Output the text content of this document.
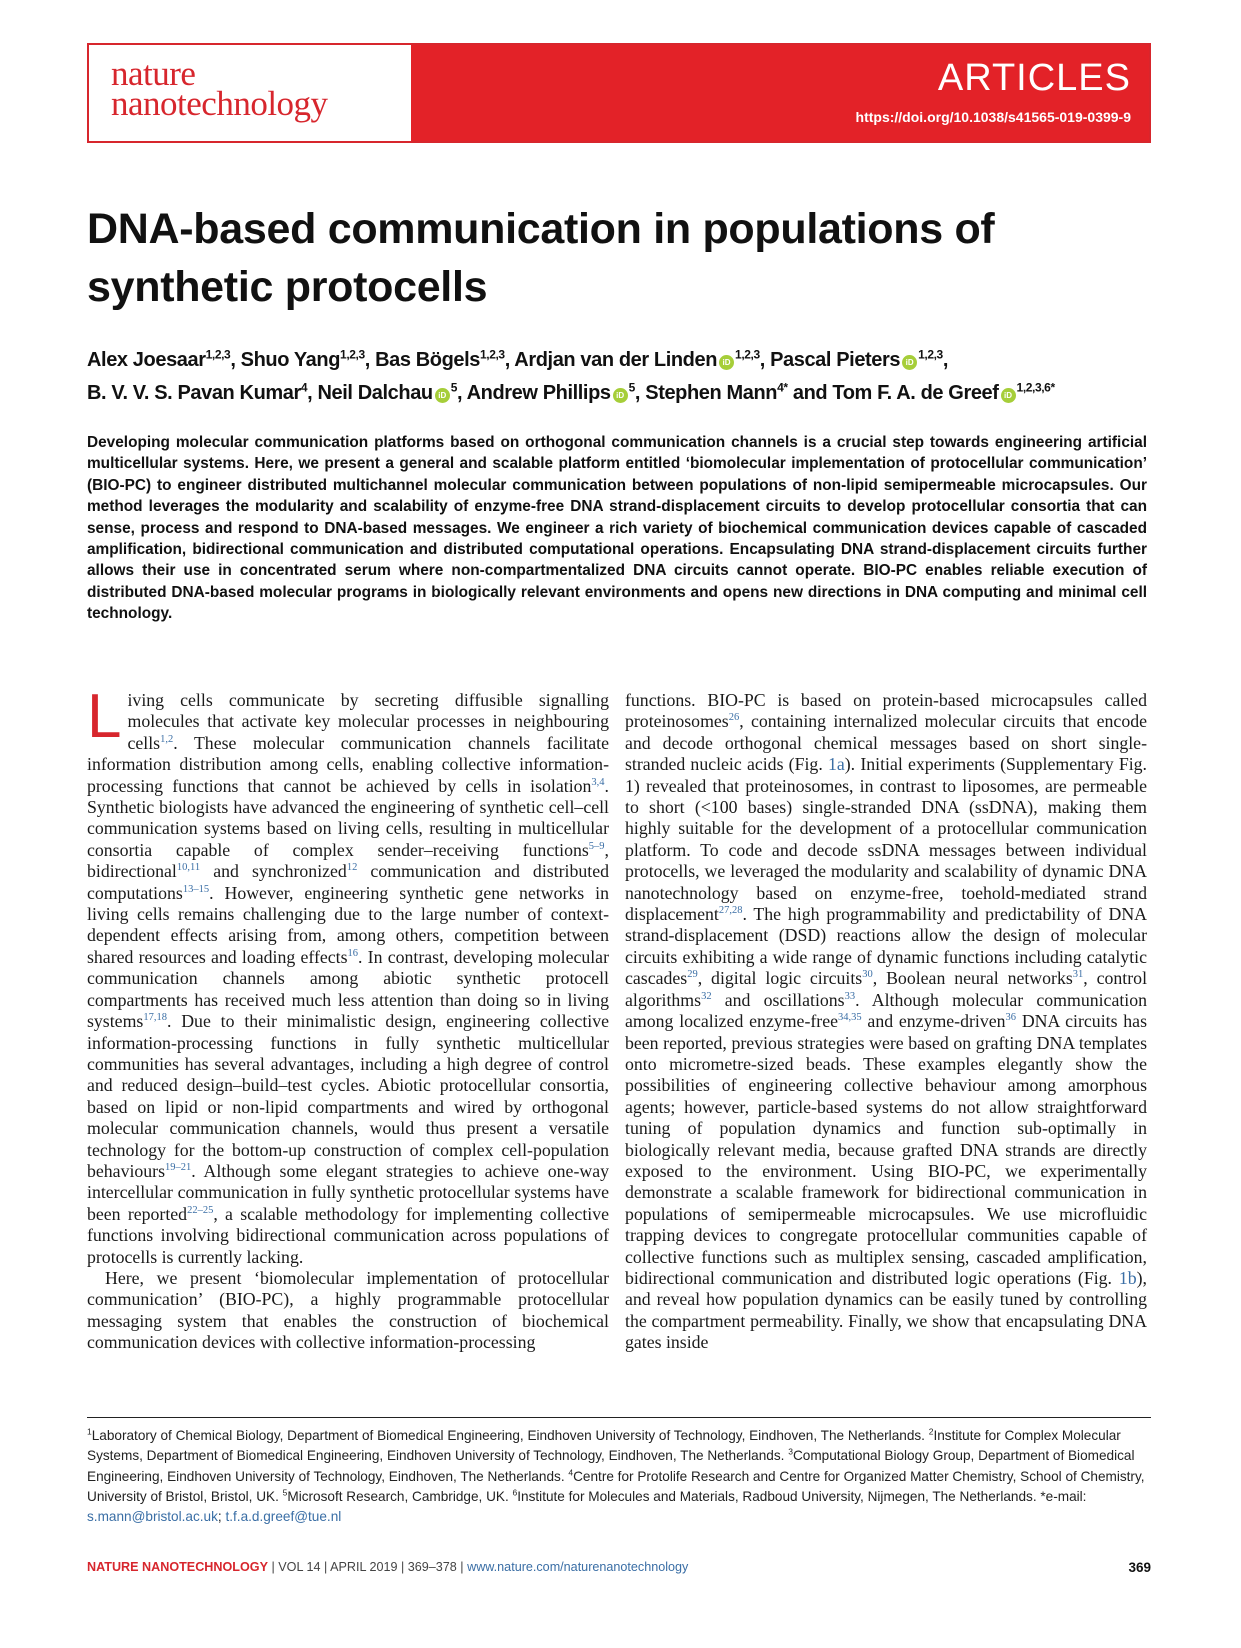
nature
nanotechnology
ARTICLES
https://doi.org/10.1038/s41565-019-0399-9
DNA-based communication in populations of synthetic protocells
Alex Joesaar$^{1,2,3}$, Shuo Yang$^{1,2,3}$, Bas Bögels$^{1,2,3}$, Ardjan van der Linden iD$^{1,2,3}$, Pascal Pieters iD$^{1,2,3}$,
B. V. V. S. Pavan Kumar$^4$, Neil Dalchau $iD^5$, Andrew Phillips $iD^5$, Stephen Mann$^{4*}$ and Tom F. A. de Greef $iD^{1,2,3,6*}$
Developing molecular communication platforms based on orthogonal communication channels is a crucial step towards engineering artificial multicellular systems. Here, we present a general and scalable platform entitled ‘biomolecular implementation of protocellular communication’ (BIO-PC) to engineer distributed multichannel molecular communication between populations of non-lipid semipermeable microcapsules. Our method leverages the modularity and scalability of enzyme-free DNA strand-displacement circuits to develop protocellular consortia that can sense, process and respond to DNA-based messages. We engineer a rich variety of biochemical communication devices capable of cascaded amplification, bidirectional communication and distributed computational operations. Encapsulating DNA strand-displacement circuits further allows their use in concentrated serum where non-compartmentalized DNA circuits cannot operate. BIO-PC enables reliable execution of distributed DNA-based molecular programs in biologically relevant environments and opens new directions in DNA computing and minimal cell technology.

Living cells communicate by secreting diffusible signalling molecules that activate key molecular processes in neighbouring cells$^{1,2}$. These molecular communication channels facilitate information distribution among cells, enabling collective information-processing functions that cannot be achieved by cells in isolation$^{3,4}$. Synthetic biologists have advanced the engineering of synthetic cell–cell communication systems based on living cells, resulting in multicellular consortia capable of complex sender–receiving functions$^{5-9}$, bidirectional$^{10,11}$ and synchronized$^{12}$ communication and distributed computations$^{13-15}$. However, engineering synthetic gene networks in living cells remains challenging due to the large number of context-dependent effects arising from, among others, competition between shared resources and loading effects$^{16}$. In contrast, developing molecular communication channels among abiotic synthetic protocell compartments has received much less attention than doing so in living systems$^{17,18}$. Due to their minimalistic design, engineering collective information-processing functions in fully synthetic multicellular communities has several advantages, including a high degree of control and reduced design–build–test cycles. Abiotic protocellular consortia, based on lipid or non-lipid compartments and wired by orthogonal molecular communication channels, would thus present a versatile technology for the bottom-up construction of complex cell-population behaviours$^{19-21}$. Although some elegant strategies to achieve one-way intercellular communication in fully synthetic protocellular systems have been reported$^{22-25}$, a scalable methodology for implementing collective functions involving bidirectional communication across populations of protocells is currently lacking.

Here, we present ‘biomolecular implementation of protocellular communication’ (BIO-PC), a highly programmable protocellular messaging system that enables the construction of biochemical communication devices with collective information-processing

functions. BIO-PC is based on protein-based microcapsules called proteinosomes$^{26}$, containing internalized molecular circuits that encode and decode orthogonal chemical messages based on short single-stranded nucleic acids (Fig. 1a). Initial experiments (Supplementary Fig. 1) revealed that proteinosomes, in contrast to liposomes, are permeable to short (<100 bases) single-stranded DNA (ssDNA), making them highly suitable for the development of a protocellular communication platform. To code and decode ssDNA messages between individual protocells, we leveraged the modularity and scalability of dynamic DNA nanotechnology based on enzyme-free, toehold-mediated strand displacement$^{27,28}$. The high programmability and predictability of DNA strand-displacement (DSD) reactions allow the design of molecular circuits exhibiting a wide range of dynamic functions including catalytic cascades$^{29}$, digital logic circuits$^{30}$, Boolean neural networks$^{31}$, control algorithms$^{32}$ and oscillations$^{33}$. Although molecular communication among localized enzyme-free$^{34,35}$ and enzyme-driven$^{36}$ DNA circuits has been reported, previous strategies were based on grafting DNA templates onto micrometre-sized beads. These examples elegantly show the possibilities of engineering collective behaviour among amorphous agents; however, particle-based systems do not allow straightforward tuning of population dynamics and function sub-optimally in biologically relevant media, because grafted DNA strands are directly exposed to the environment. Using BIO-PC, we experimentally demonstrate a scalable framework for bidirectional communication in populations of semipermeable microcapsules. We use microfluidic trapping devices to congregate protocellular communities capable of collective functions such as multiplex sensing, cascaded amplification, bidirectional communication and distributed logic operations (Fig. 1b), and reveal how population dynamics can be easily tuned by controlling the compartment permeability. Finally, we show that encapsulating DNA gates inside

$^1$Laboratory of Chemical Biology, Department of Biomedical Engineering, Eindhoven University of Technology, Eindhoven, The Netherlands. $^2$Institute for Complex Molecular Systems, Department of Biomedical Engineering, Eindhoven University of Technology, Eindhoven, The Netherlands. $^3$Computational Biology Group, Department of Biomedical Engineering, Eindhoven University of Technology, Eindhoven, The Netherlands. $^4$Centre for Protolife Research and Centre for Organized Matter Chemistry, School of Chemistry, University of Bristol, Bristol, UK. $^5$Microsoft Research, Cambridge, UK. $^6$Institute for Molecules and Materials, Radboud University, Nijmegen, The Netherlands. *e-mail: s.mann@bristol.ac.uk; t.f.a.d.greef@tue.nl
NATURE NANOTECHNOLOGY | VOL 14 | APRIL 2019 | 369–378 | www.nature.com/naturenanotechnology	369
